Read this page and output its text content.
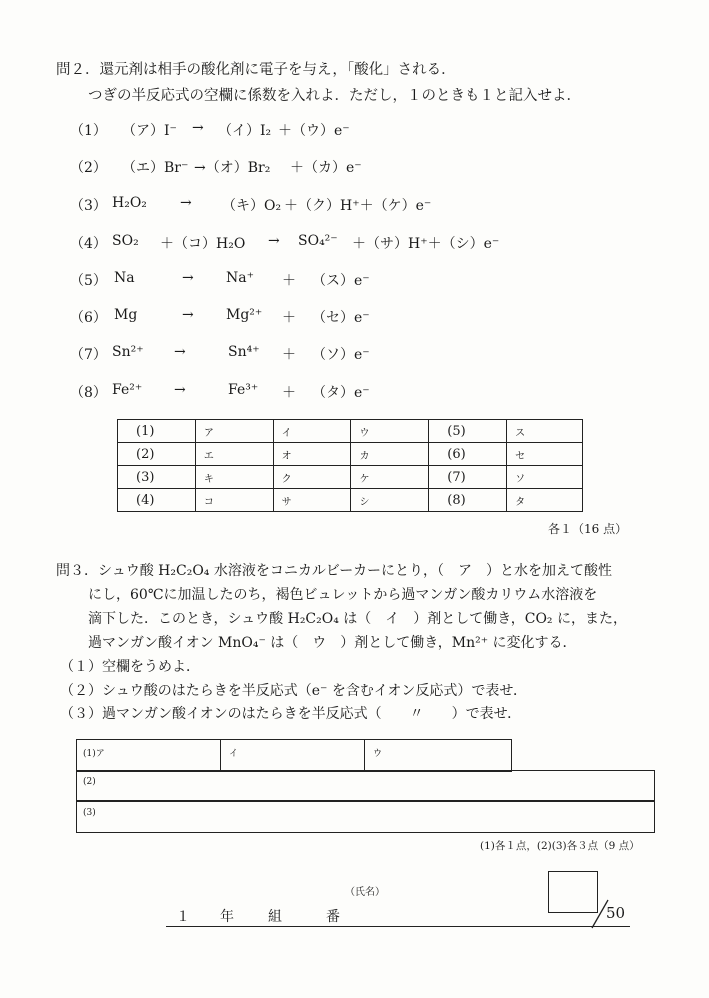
問２．還元剤は相手の酸化剤に電子を与え，「酸化」される．
つぎの半反応式の空欄に係数を入れよ．ただし，１のときも１と記入せよ．
（1） （ア）I⁻ → （イ）I₂ ＋（ウ）e⁻
（2） （エ）Br⁻ →（オ）Br₂ ＋（カ）e⁻
（3） H₂O₂ → （キ）O₂ ＋（ク）H⁺＋（ケ）e⁻
（4） SO₂ ＋（コ）H₂O → SO₄²⁻ ＋（サ）H⁺＋（シ）e⁻
（5） Na	→ Na⁺ ＋ （ス）e⁻
（6） Mg	→ Mg²⁺ ＋ （セ）e⁻
（7） Sn²⁺ →	Sn⁴⁺ ＋ （ソ）e⁻
（8） Fe²⁺ →	Fe³⁺ ＋ （タ）e⁻
(1)	ア	イ	ウ	(5)	ス
(2)	エ	オ	カ	(6)	セ
(3)	キ	ク	ケ	(7)	ソ
(4)	コ	サ	シ	(8)	タ
各１（16 点）
問３．シュウ酸 H₂C₂O₄ 水溶液をコニカルビーカーにとり，（　ア　）と水を加えて酸性
にし，60℃に加温したのち，褐色ビュレットから過マンガン酸カリウム水溶液を
滴下した．このとき，シュウ酸 H₂C₂O₄ は（　イ　）剤として働き，CO₂ に，また，
過マンガン酸イオン MnO₄⁻ は（　ウ　）剤として働き，Mn²⁺ に変化する．
（１）空欄をうめよ．
（２）シュウ酸のはたらきを半反応式（e⁻ を含むイオン反応式）で表せ．
（３）過マンガン酸イオンのはたらきを半反応式（　　〃　　）で表せ．
(1)ア	イ	ウ
(2)
(3)
(1)各１点，(2)(3)各３点（9 点）
（氏名）
１ 年 組	番	50
